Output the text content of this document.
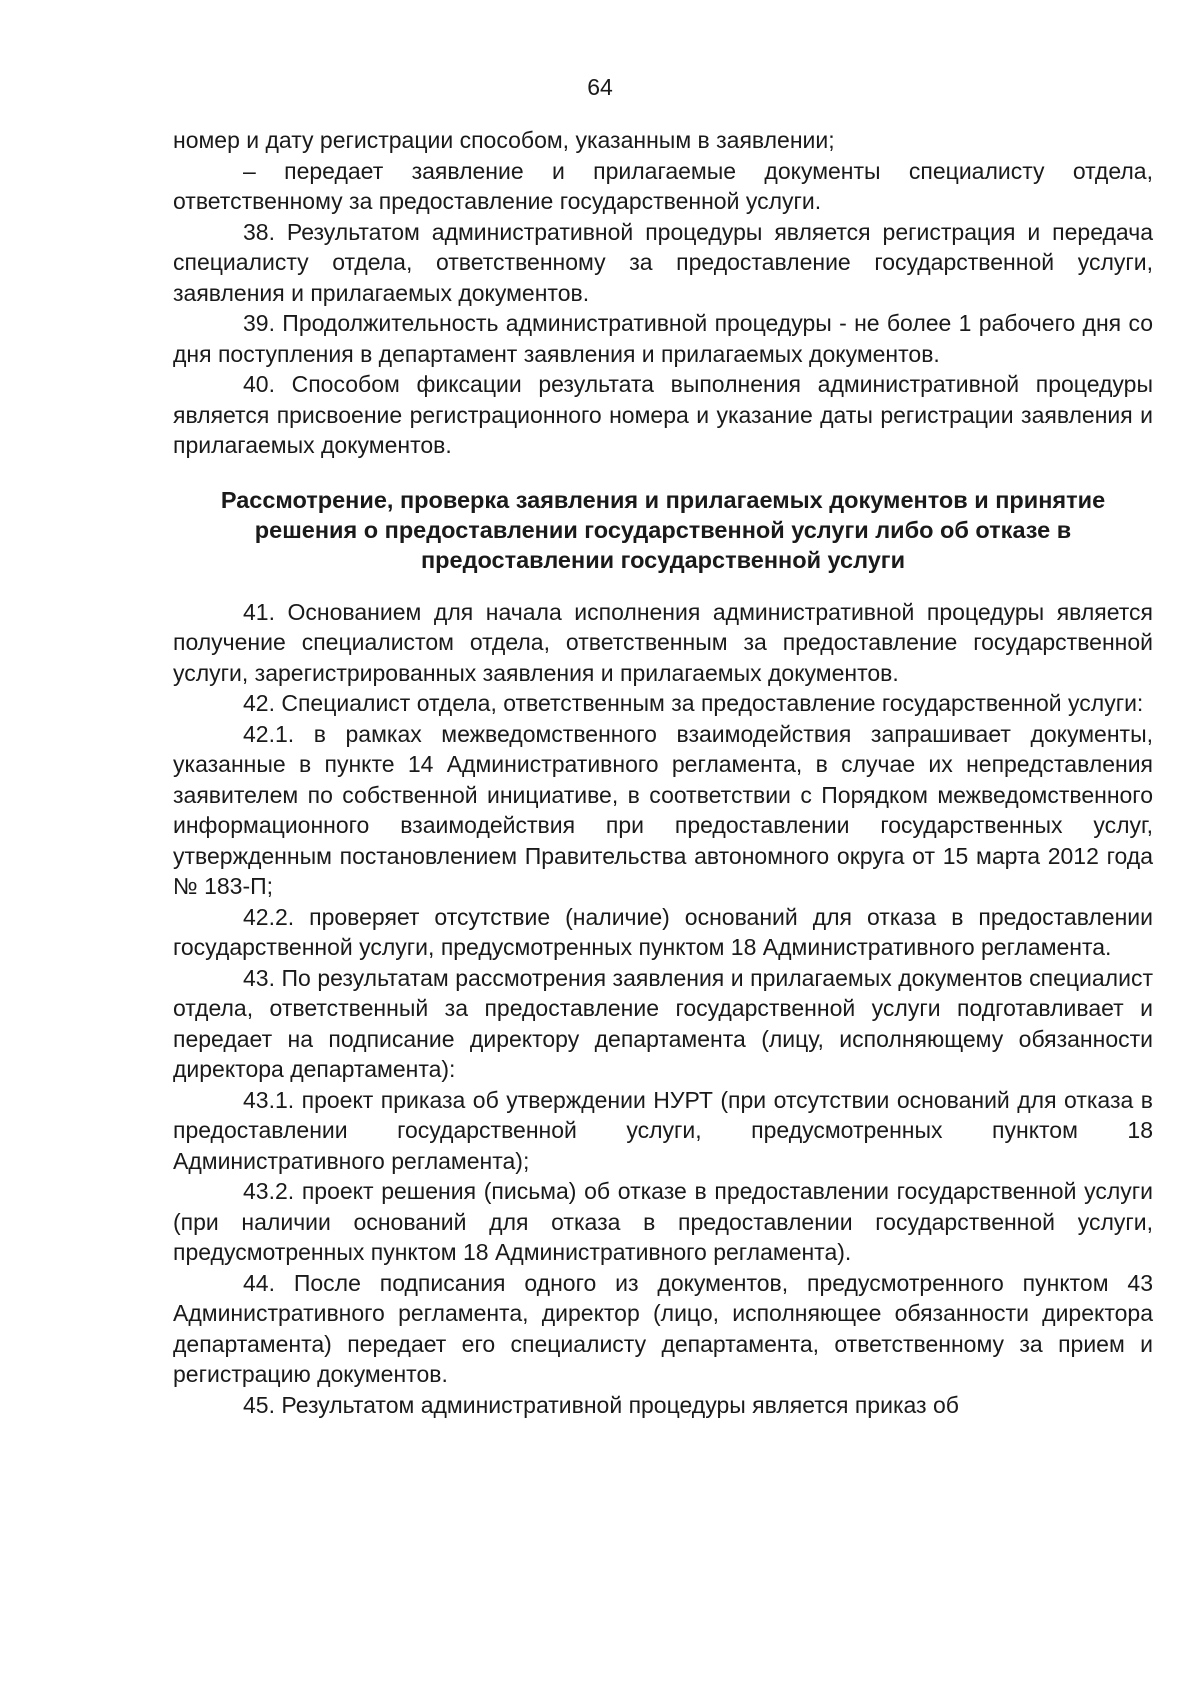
64

номер и дату регистрации способом, указанным в заявлении;

– передает заявление и прилагаемые документы специалисту отдела, ответственному за предоставление государственной услуги.

38. Результатом административной процедуры является регистрация и передача специалисту отдела, ответственному за предоставление государственной услуги, заявления и прилагаемых документов.

39. Продолжительность административной процедуры - не более 1 рабочего дня со дня поступления в департамент заявления и прилагаемых документов.

40. Способом фиксации результата выполнения административной процедуры является присвоение регистрационного номера и указание даты регистрации заявления и прилагаемых документов.

Рассмотрение, проверка заявления и прилагаемых документов и принятие решения о предоставлении государственной услуги либо об отказе в предоставлении государственной услуги

41. Основанием для начала исполнения административной процедуры является получение специалистом отдела, ответственным за предоставление государственной услуги, зарегистрированных заявления и прилагаемых документов.

42. Специалист отдела, ответственным за предоставление государственной услуги:

42.1. в рамках межведомственного взаимодействия запрашивает документы, указанные в пункте 14 Административного регламента, в случае их непредставления заявителем по собственной инициативе, в соответствии с Порядком межведомственного информационного взаимодействия при предоставлении государственных услуг, утвержденным постановлением Правительства автономного округа от 15 марта 2012 года № 183-П;

42.2. проверяет отсутствие (наличие) оснований для отказа в предоставлении государственной услуги, предусмотренных пунктом 18 Административного регламента.

43. По результатам рассмотрения заявления и прилагаемых документов специалист отдела, ответственный за предоставление государственной услуги подготавливает и передает на подписание директору департамента (лицу, исполняющему обязанности директора департамента):

43.1. проект приказа об утверждении НУРТ (при отсутствии оснований для отказа в предоставлении государственной услуги, предусмотренных пунктом 18 Административного регламента);

43.2. проект решения (письма) об отказе в предоставлении государственной услуги (при наличии оснований для отказа в предоставлении государственной услуги, предусмотренных пунктом 18 Административного регламента).

44. После подписания одного из документов, предусмотренного пунктом 43 Административного регламента, директор (лицо, исполняющее обязанности директора департамента) передает его специалисту департамента, ответственному за прием и регистрацию документов.

45. Результатом административной процедуры является приказ об
